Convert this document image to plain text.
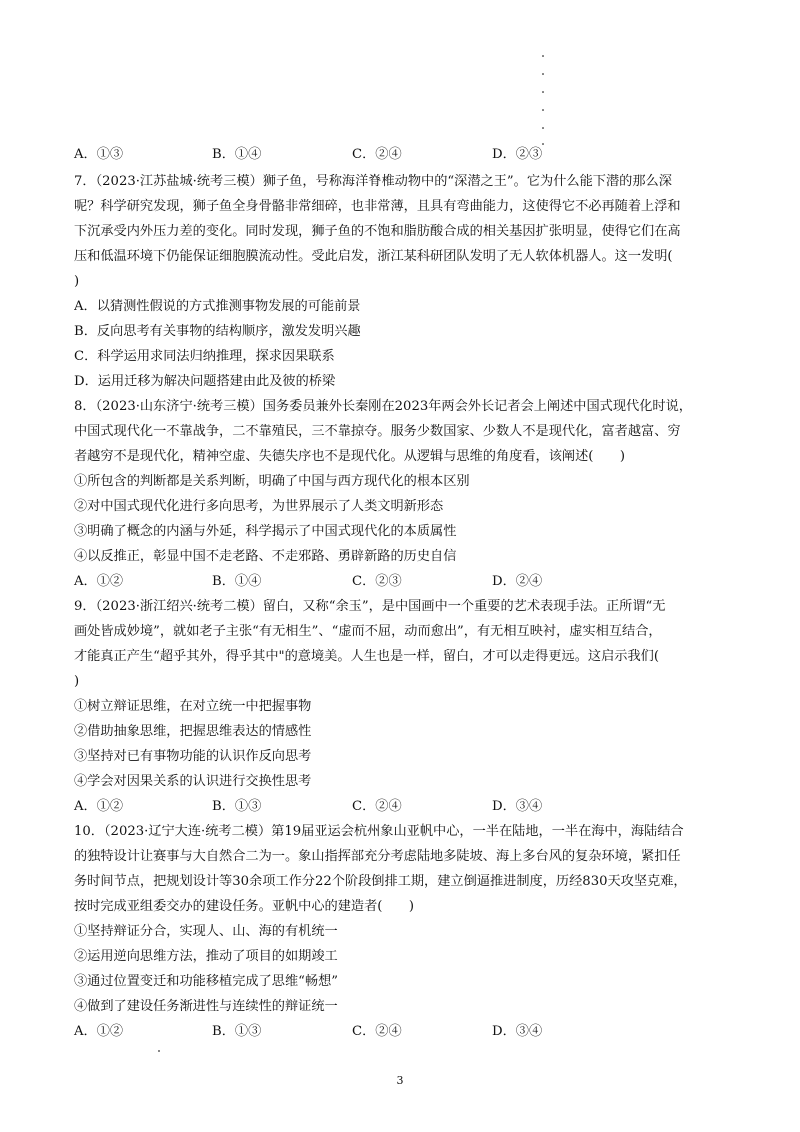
A．①③	B．①④	C．②④	D．②③
7．（2023·江苏盐城·统考三模）狮子鱼，号称海洋脊椎动物中的“深潜之王”。它为什么能下潜的那么深
呢？科学研究发现，狮子鱼全身骨骼非常细碎，也非常薄，且具有弯曲能力，这使得它不必再随着上浮和
下沉承受内外压力差的变化。同时发现，狮子鱼的不饱和脂肪酸合成的相关基因扩张明显，使得它们在高
压和低温环境下仍能保证细胞膜流动性。受此启发，浙江某科研团队发明了无人软体机器人。这一发明(
)
A．以猜测性假说的方式推测事物发展的可能前景
B．反向思考有关事物的结构顺序，激发发明兴趣
C．科学运用求同法归纳推理，探求因果联系
D．运用迁移为解决问题搭建由此及彼的桥梁
8．（2023·山东济宁·统考三模）国务委员兼外长秦刚在2023年两会外长记者会上阐述中国式现代化时说，
中国式现代化一不靠战争，二不靠殖民，三不靠掠夺。服务少数国家、少数人不是现代化，富者越富、穷
者越穷不是现代化，精神空虚、失德失序也不是现代化。从逻辑与思维的角度看，该阐述(　　)
①所包含的判断都是关系判断，明确了中国与西方现代化的根本区别
②对中国式现代化进行多向思考，为世界展示了人类文明新形态
③明确了概念的内涵与外延，科学揭示了中国式现代化的本质属性
④以反推正，彰显中国不走老路、不走邪路、勇辟新路的历史自信
A．①②	B．①④	C．②③	D．②④
9．（2023·浙江绍兴·统考二模）留白，又称“余玉”，是中国画中一个重要的艺术表现手法。正所谓“无
画处皆成妙境”，就如老子主张“有无相生”、“虚而不屈，动而愈出”，有无相互映衬，虚实相互结合，
才能真正产生“超乎其外，得乎其中"的意境美。人生也是一样，留白，才可以走得更远。这启示我们(
)
①树立辩证思维，在对立统一中把握事物
②借助抽象思维，把握思维表达的情感性
③坚持对已有事物功能的认识作反向思考
④学会对因果关系的认识进行交换性思考
A．①②	B．①③	C．②④	D．③④
10．（2023·辽宁大连·统考二模）第19届亚运会杭州象山亚帆中心，一半在陆地，一半在海中，海陆结合
的独特设计让赛事与大自然合二为一。象山指挥部充分考虑陆地多陡坡、海上多台风的复杂环境，紧扣任
务时间节点，把规划设计等30余项工作分22个阶段倒排工期，建立倒逼推进制度，历经830天攻坚克难，
按时完成亚组委交办的建设任务。亚帆中心的建造者(　　)
①坚持辩证分合，实现人、山、海的有机统一
②运用逆向思维方法，推动了项目的如期竣工
③通过位置变迁和功能移植完成了思维“畅想”
④做到了建设任务渐进性与连续性的辩证统一
A．①②	B．①③	C．②④	D．③④
3
